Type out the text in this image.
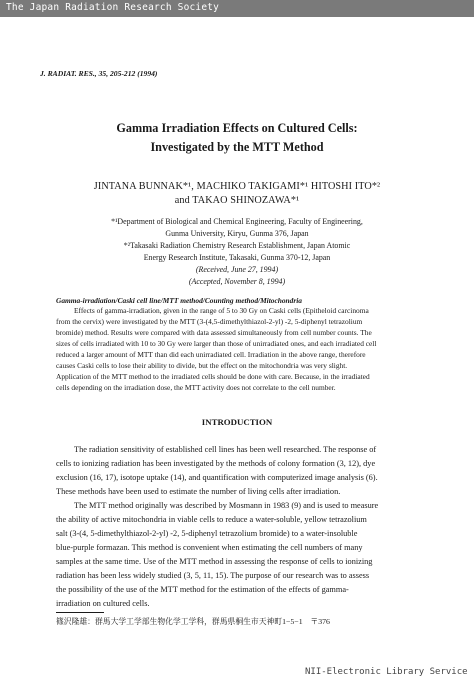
The Japan Radiation Research Society
J. RADIAT. RES., 35, 205-212 (1994)
Gamma Irradiation Effects on Cultured Cells:
Investigated by the MTT Method
JINTANA BUNNAK*¹, MACHIKO TAKIGAMI*¹ HITOSHI ITO*²
and TAKAO SHINOZAWA*¹
*¹Department of Biological and Chemical Engineering, Faculty of Engineering,
Gunma University, Kiryu, Gunma 376, Japan
*²Takasaki Radiation Chemistry Research Establishment, Japan Atomic
Energy Research Institute, Takasaki, Gunma 370-12, Japan
(Received, June 27, 1994)
(Accepted, November 8, 1994)
Gamma-irradiation/Caski cell line/MTT method/Counting method/Mitochondria
Effects of gamma-irradiation, given in the range of 5 to 30 Gy on Caski cells (Epitheloid carcinoma
from the cervix) were investigated by the MTT (3-(4,5-dimethylthiazol-2-yl) -2, 5-diphenyl tetrazolium
bromide) method. Results were compared with data assessed simultaneously from cell number counts. The
sizes of cells irradiated with 10 to 30 Gy were larger than those of unirradiated ones, and each irradiated cell
reduced a larger amount of MTT than did each unirradiated cell. Irradiation in the above range, therefore
causes Caski cells to lose their ability to divide, but the effect on the mitochondria was very slight.
Application of the MTT method to the irradiated cells should be done with care. Because, in the irradiated
cells depending on the irradiation dose, the MTT activity does not correlate to the cell number.
INTRODUCTION
The radiation sensitivity of established cell lines has been well researched. The response of
cells to ionizing radiation has been investigated by the methods of colony formation (3, 12), dye
exclusion (16, 17), isotope uptake (14), and quantification with computerized image analysis (6).
These methods have been used to estimate the number of living cells after irradiation.
The MTT method originally was described by Mosmann in 1983 (9) and is used to measure
the ability of active mitochondria in viable cells to reduce a water-soluble, yellow tetrazolium
salt (3-(4, 5-dimethylthiazol-2-yl) -2, 5-diphenyl tetrazolium bromide) to a water-insoluble
blue-purple formazan. This method is convenient when estimating the cell numbers of many
samples at the same time. Use of the MTT method in assessing the response of cells to ionizing
radiation has been less widely studied (3, 5, 11, 15). The purpose of our research was to assess
the possibility of the use of the MTT method for the estimation of the effects of gamma-
irradiation on cultured cells.
篠沢隆雄：群馬大学工学部生物化学工学科，群馬県桐生市天神町1−5−1　〒376
NII-Electronic Library Service
